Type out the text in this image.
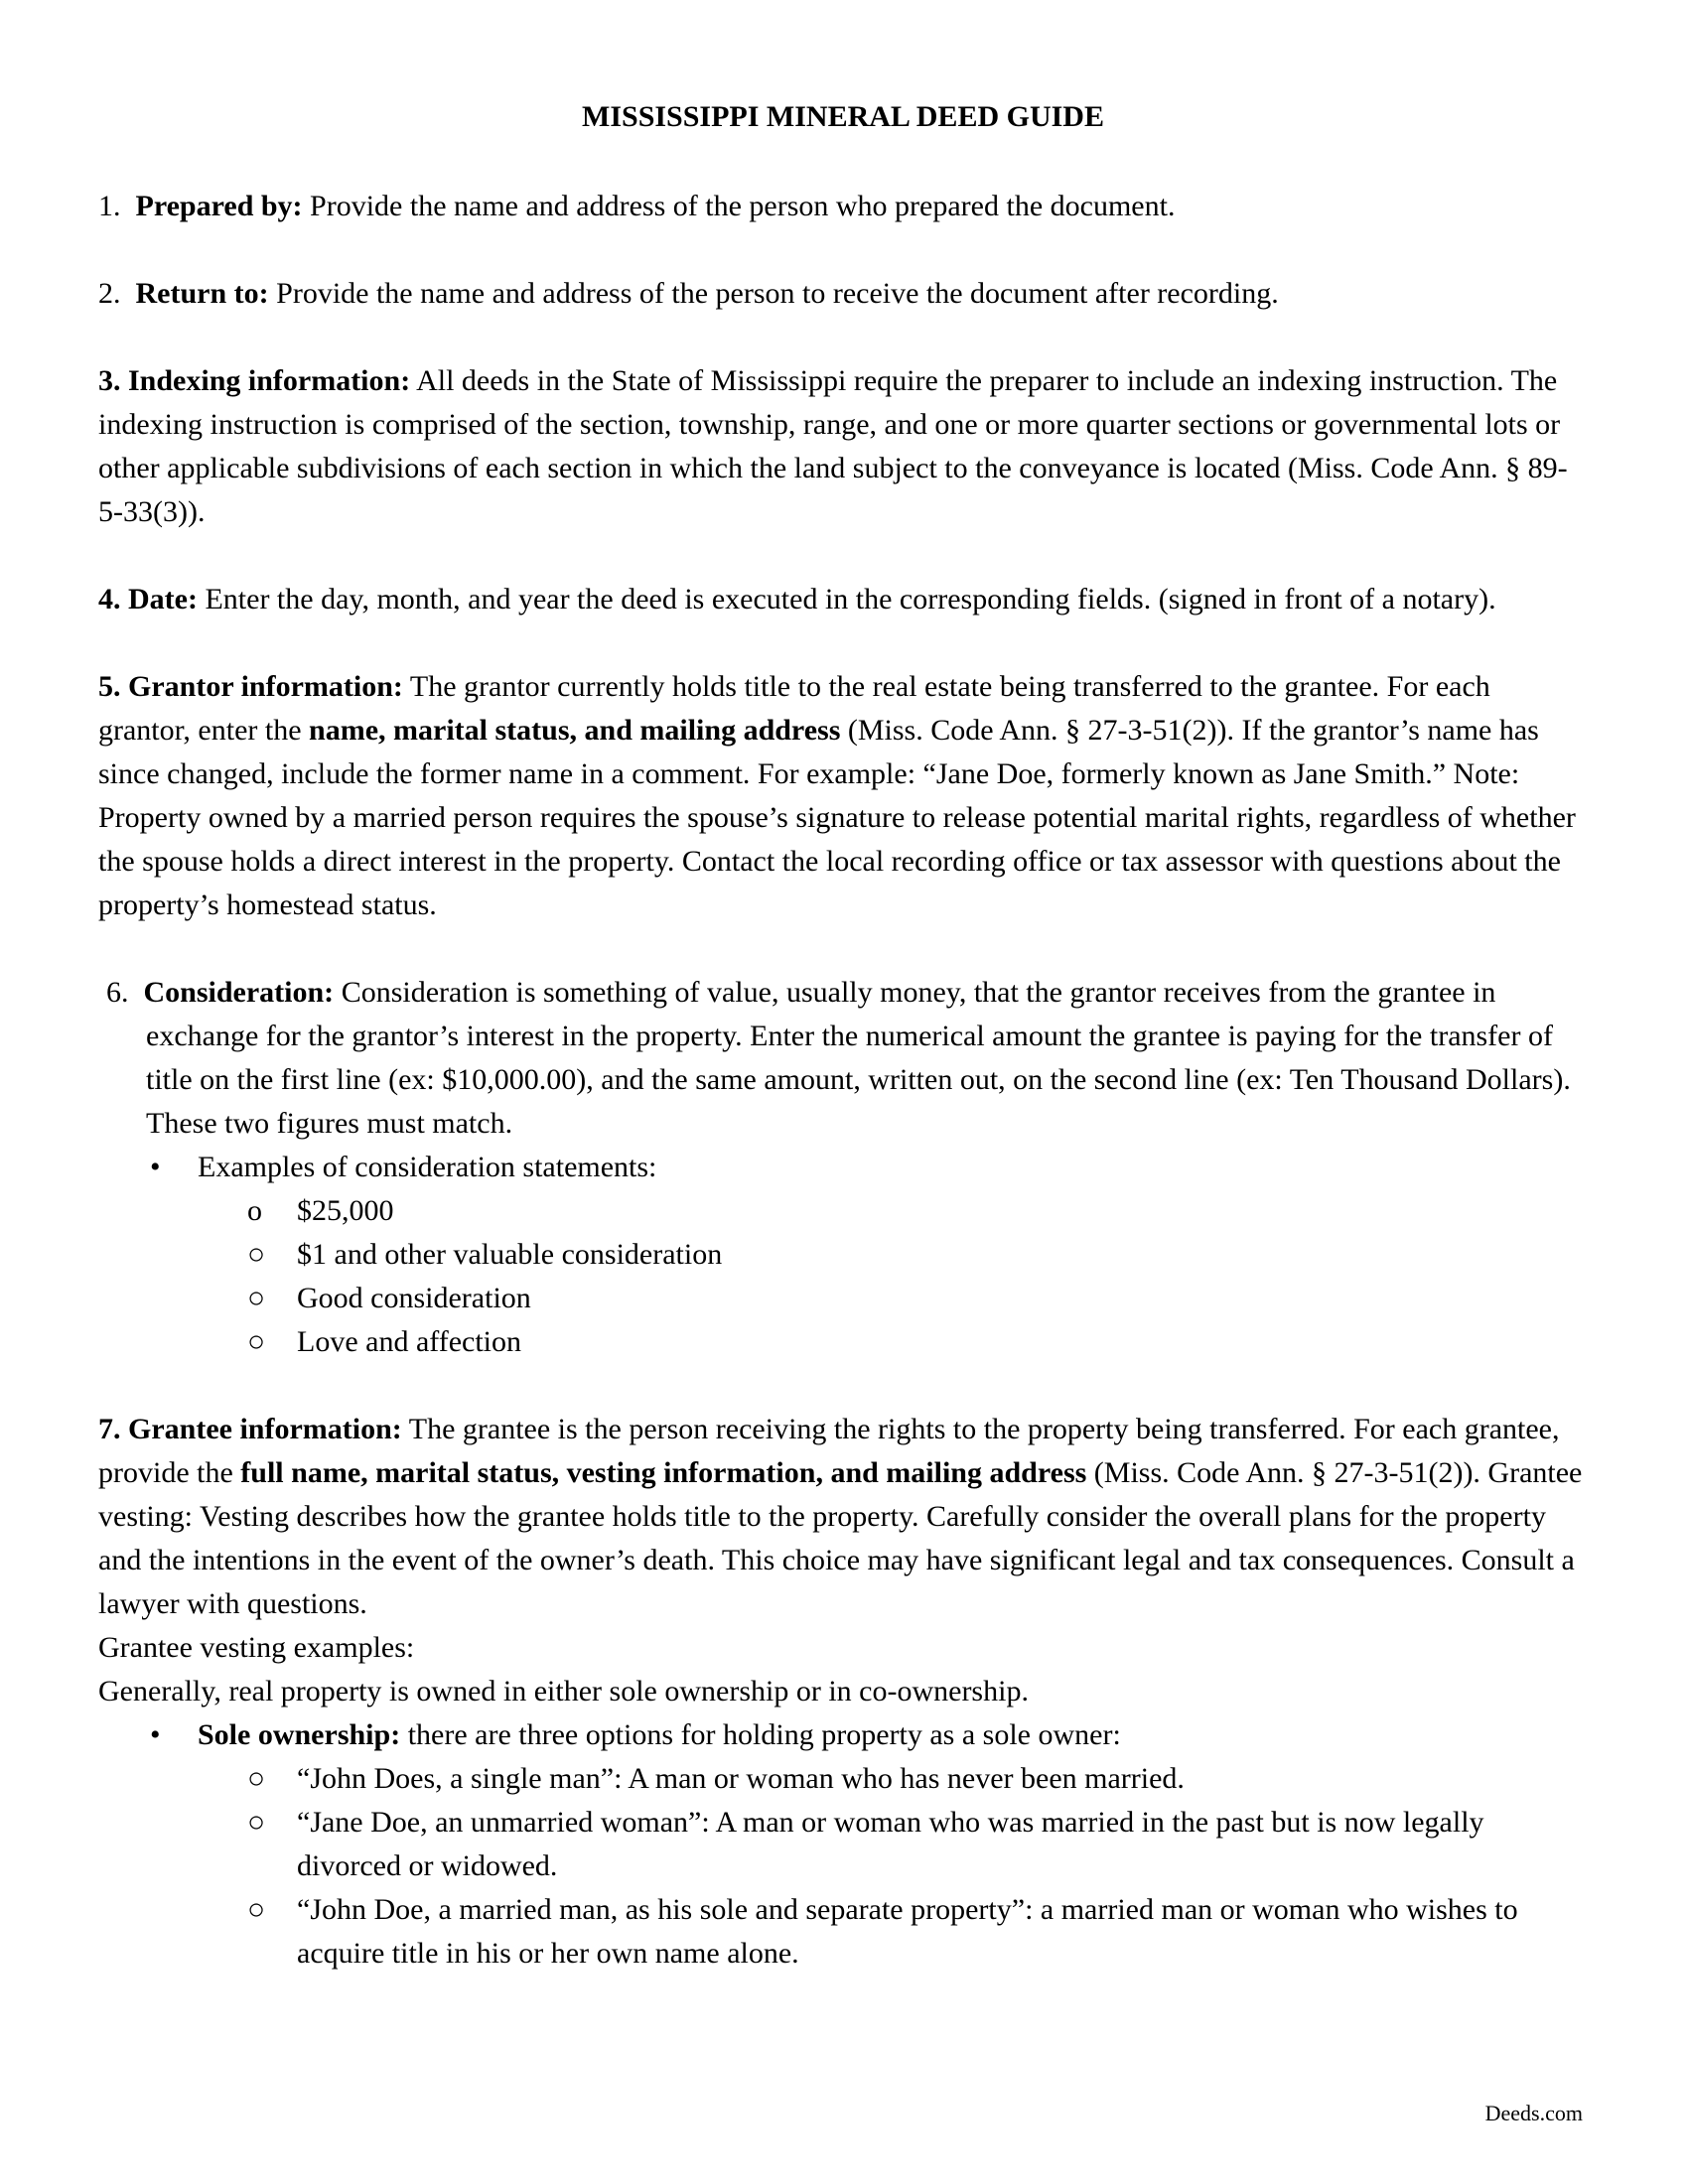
MISSISSIPPI MINERAL DEED GUIDE

1. Prepared by: Provide the name and address of the person who prepared the document.

2. Return to: Provide the name and address of the person to receive the document after recording.

3. Indexing information: All deeds in the State of Mississippi require the preparer to include an indexing instruction. The indexing instruction is comprised of the section, township, range, and one or more quarter sections or governmental lots or other applicable subdivisions of each section in which the land subject to the conveyance is located (Miss. Code Ann. § 89-5-33(3)).

4. Date: Enter the day, month, and year the deed is executed in the corresponding fields. (signed in front of a notary).

5. Grantor information: The grantor currently holds title to the real estate being transferred to the grantee. For each grantor, enter the name, marital status, and mailing address (Miss. Code Ann. § 27-3-51(2)). If the grantor’s name has since changed, include the former name in a comment. For example: “Jane Doe, formerly known as Jane Smith.” Note: Property owned by a married person requires the spouse’s signature to release potential marital rights, regardless of whether the spouse holds a direct interest in the property. Contact the local recording office or tax assessor with questions about the property’s homestead status.

6. Consideration: Consideration is something of value, usually money, that the grantor receives from the grantee in exchange for the grantor’s interest in the property. Enter the numerical amount the grantee is paying for the transfer of title on the first line (ex: $10,000.00), and the same amount, written out, on the second line (ex: Ten Thousand Dollars). These two figures must match.

• Examples of consideration statements:
o $25,000
○ $1 and other valuable consideration
○ Good consideration
○ Love and affection

7. Grantee information: The grantee is the person receiving the rights to the property being transferred. For each grantee, provide the full name, marital status, vesting information, and mailing address (Miss. Code Ann. § 27-3-51(2)). Grantee vesting: Vesting describes how the grantee holds title to the property. Carefully consider the overall plans for the property and the intentions in the event of the owner’s death. This choice may have significant legal and tax consequences. Consult a lawyer with questions.

Grantee vesting examples:

Generally, real property is owned in either sole ownership or in co-ownership.

• Sole ownership: there are three options for holding property as a sole owner:
○ “John Does, a single man”: A man or woman who has never been married.
○ “Jane Doe, an unmarried woman”: A man or woman who was married in the past but is now legally divorced or widowed.
○ “John Doe, a married man, as his sole and separate property”: a married man or woman who wishes to acquire title in his or her own name alone.
Deeds.com
